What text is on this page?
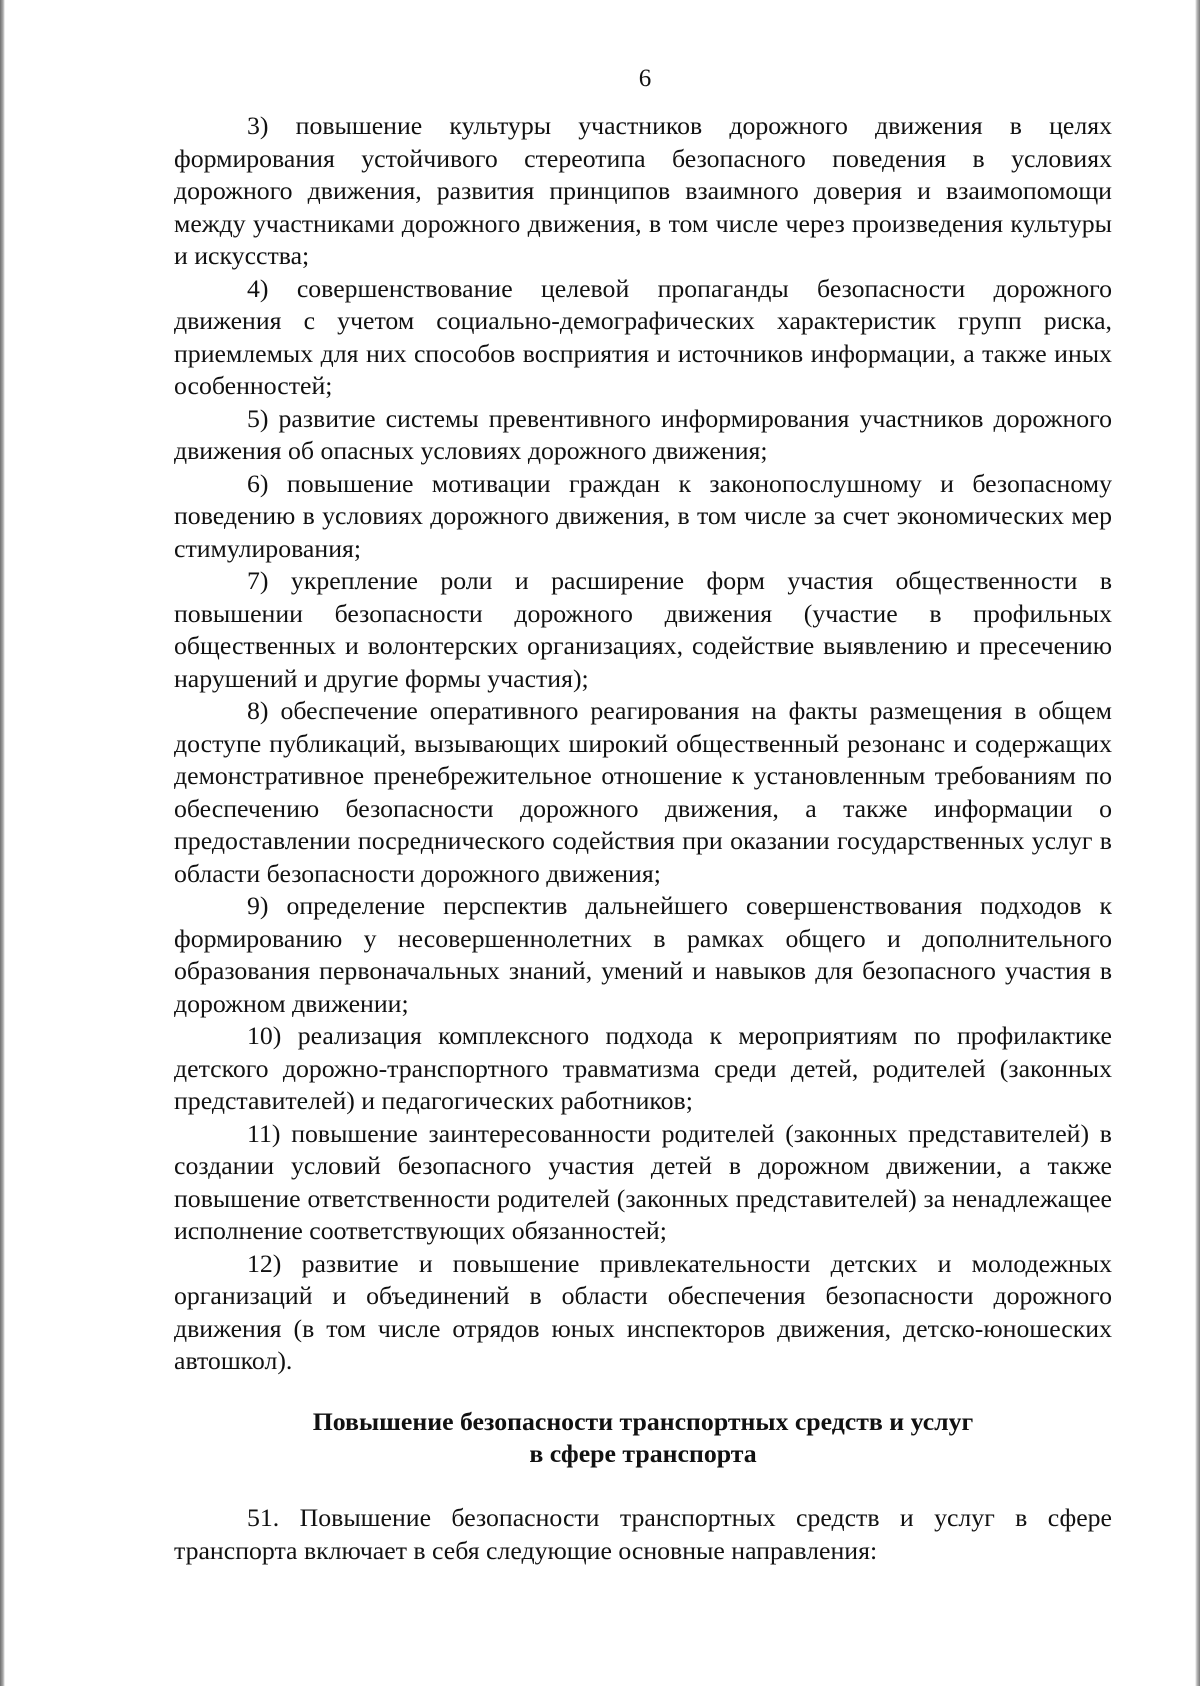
6

3) повышение культуры участников дорожного движения в целях формирования устойчивого стереотипа безопасного поведения в условиях дорожного движения, развития принципов взаимного доверия и взаимопомощи между участниками дорожного движения, в том числе через произведения культуры и искусства;

4) совершенствование целевой пропаганды безопасности дорожного движения с учетом социально-демографических характеристик групп риска, приемлемых для них способов восприятия и источников информации, а также иных особенностей;

5) развитие системы превентивного информирования участников дорожного движения об опасных условиях дорожного движения;

6) повышение мотивации граждан к законопослушному и безопасному поведению в условиях дорожного движения, в том числе за счет экономических мер стимулирования;

7) укрепление роли и расширение форм участия общественности в повышении безопасности дорожного движения (участие в профильных общественных и волонтерских организациях, содействие выявлению и пресечению нарушений и другие формы участия);

8) обеспечение оперативного реагирования на факты размещения в общем доступе публикаций, вызывающих широкий общественный резонанс и содержащих демонстративное пренебрежительное отношение к установленным требованиям по обеспечению безопасности дорожного движения, а также информации о предоставлении посреднического содействия при оказании государственных услуг в области безопасности дорожного движения;

9) определение перспектив дальнейшего совершенствования подходов к формированию у несовершеннолетних в рамках общего и дополнительного образования первоначальных знаний, умений и навыков для безопасного участия в дорожном движении;

10) реализация комплексного подхода к мероприятиям по профилактике детского дорожно-транспортного травматизма среди детей, родителей (законных представителей) и педагогических работников;

11) повышение заинтересованности родителей (законных представителей) в создании условий безопасного участия детей в дорожном движении, а также повышение ответственности родителей (законных представителей) за ненадлежащее исполнение соответствующих обязанностей;

12) развитие и повышение привлекательности детских и молодежных организаций и объединений в области обеспечения безопасности дорожного движения (в том числе отрядов юных инспекторов движения, детско-юношеских автошкол).

Повышение безопасности транспортных средств и услуг
в сфере транспорта

51. Повышение безопасности транспортных средств и услуг в сфере транспорта включает в себя следующие основные направления:
